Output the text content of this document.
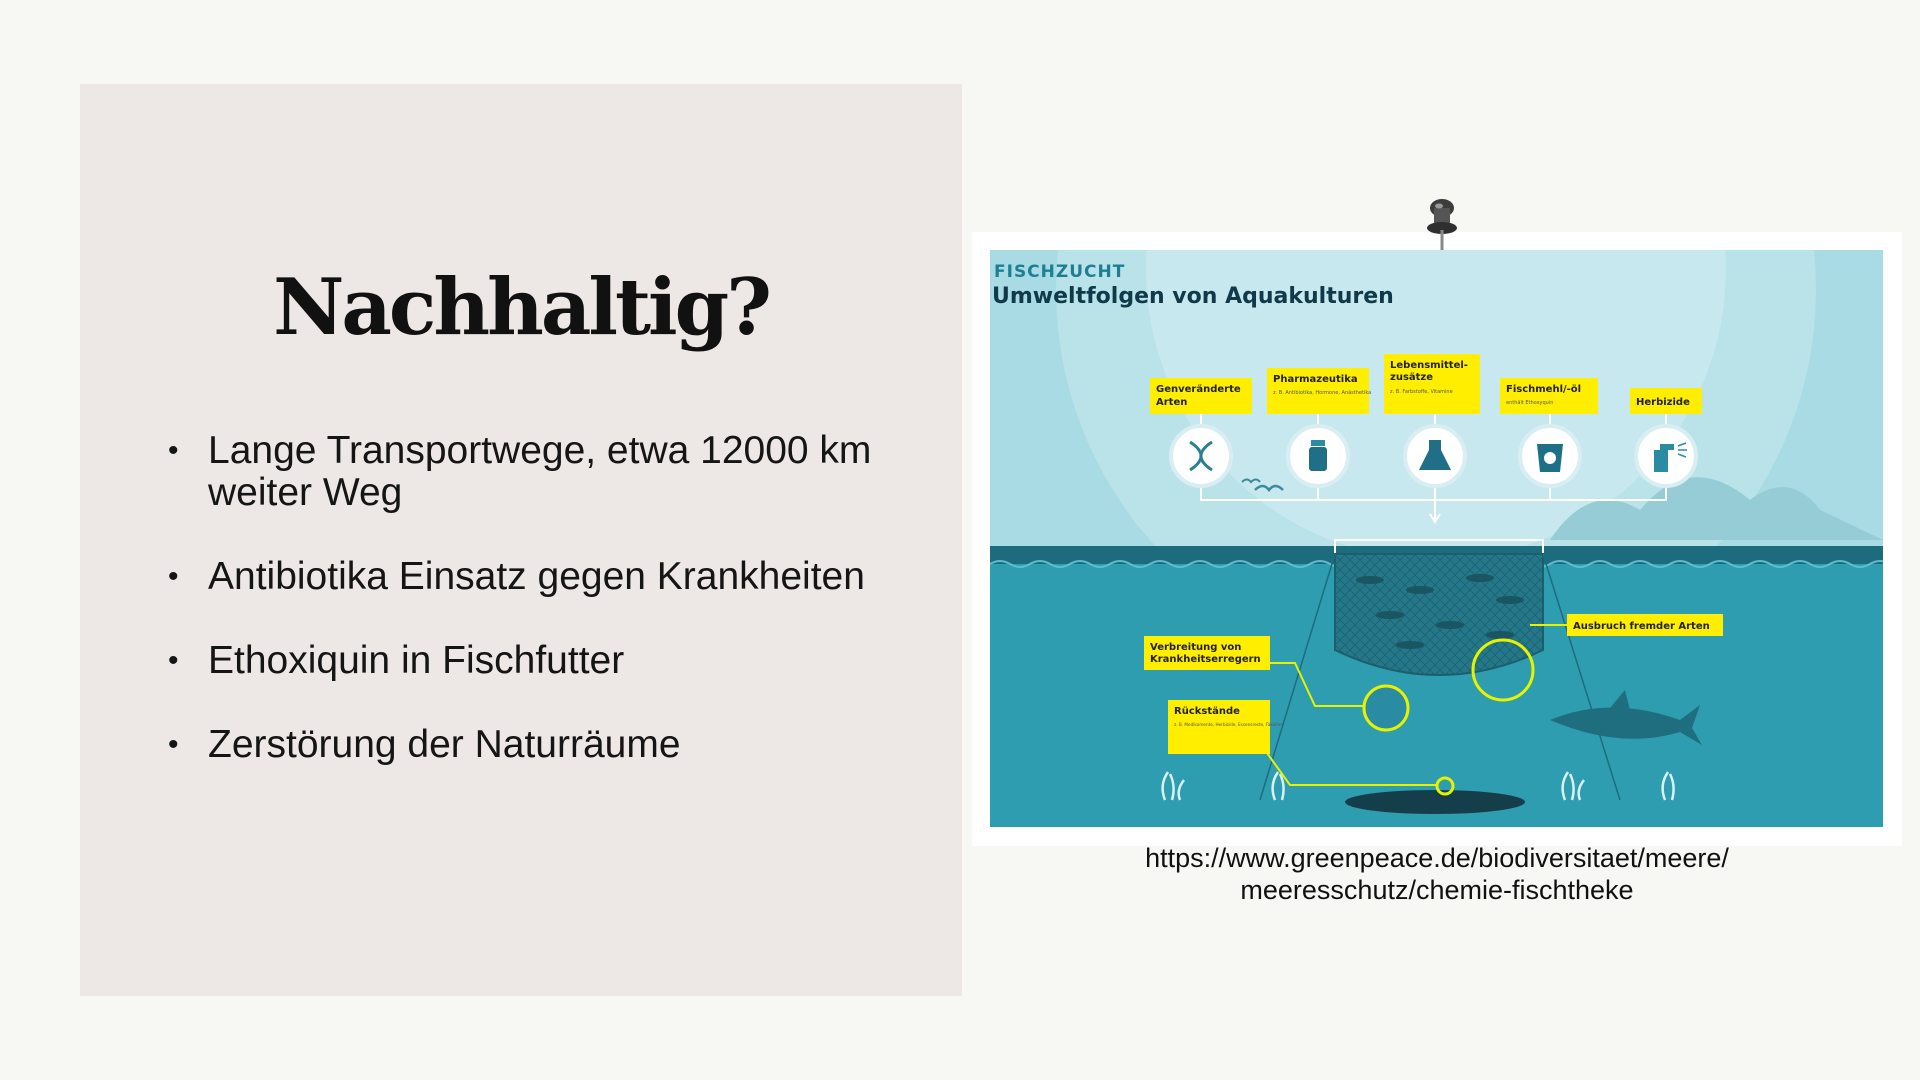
Nachhaltig?
• Lange Transportwege, etwa 12000 km weiter Weg
• Antibiotika Einsatz gegen Krankheiten
• Ethoxiquin in Fischfutter
• Zerstörung der Naturräume
FISCHZUCHT
Umweltfolgen von Aquakulturen
Genveränderte
Arten
Pharmazeutika
z. B. Antibiotika, Hormone, Anästhetika
Lebensmittel-
zusätze
z. B. Farbstoffe, Vitamine	Fischmehl/-öl
enthält Ethoxyquin	Herbizide
Verbreitung von
Krankheitserregern
Ausbruch fremder Arten
Rückstände
z. B. Medikamente, Herbizide, Essensreste, Fäkalien
https://www.greenpeace.de/biodiversitaet/meere/
meeresschutz/chemie-fischtheke
